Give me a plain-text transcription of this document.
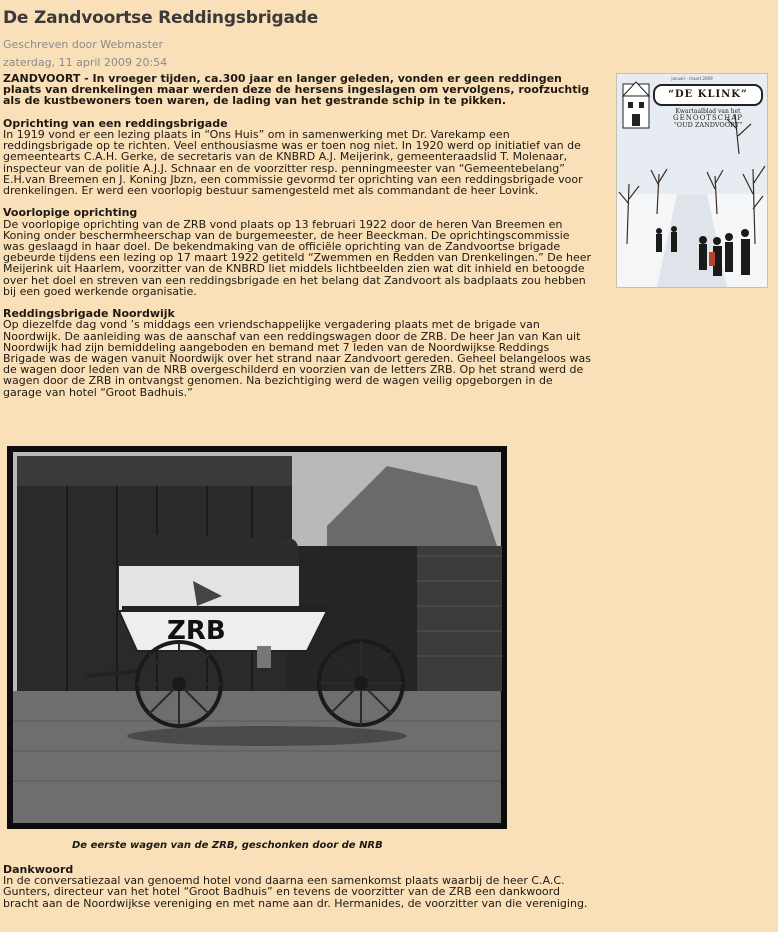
De Zandvoortse Reddingsbrigade
Geschreven door Webmaster
zaterdag, 11 april 2009 20:54

ZANDVOORT - In vroeger tijden, ca.300 jaar en langer geleden, vonden er geen reddingen plaats van drenkelingen maar werden deze de hersens ingeslagen om vervolgens, roofzuchtig als de kustbewoners toen waren, de lading van het gestrande schip in te pikken.

Oprichting van een reddingsbrigade

In 1919 vond er een lezing plaats in “Ons Huis” om in samenwerking met Dr. Varekamp een reddingsbrigade op te richten. Veel enthousiasme was er toen nog niet. In 1920 werd op initiatief van de gemeentearts C.A.H. Gerke, de secretaris van de KNBRD A.J. Meijerink, gemeenteraadslid T. Molenaar, inspecteur van de politie A.J.J. Schnaar en de voorzitter resp. penningmeester van “Gemeentebelang” E.H.van Breemen en J. Koning Jbzn, een commissie gevormd ter oprichting van een reddingsbrigade voor drenkelingen. Er werd een voorlopig bestuur samengesteld met als commandant de heer Lovink.

Voorlopige oprichting

De voorlopige oprichting van de ZRB vond plaats op 13 februari 1922 door de heren Van Breemen en Koning onder beschermheerschap van de burgemeester, de heer Beeckman. De oprichtingscommissie was geslaagd in haar doel. De bekendmaking van de officiële oprichting van de Zandvoortse brigade gebeurde tijdens een lezing op 17 maart 1922 getiteld “Zwemmen en Redden van Drenkelingen.” De heer Meijerink uit Haarlem, voorzitter van de KNBRD liet middels lichtbeelden zien wat dit inhield en betoogde over het doel en streven van een reddingsbrigade en het belang dat Zandvoort als badplaats zou hebben bij een goed werkende organisatie.

Reddingsbrigade Noordwijk

Op diezelfde dag vond ’s middags een vriendschappelijke vergadering plaats met de brigade van Noordwijk. De aanleiding was de aanschaf van een reddingswagen door de ZRB. De heer Jan van Kan uit Noordwijk had zijn bemiddeling aangeboden en bemand met 7 leden van de Noordwijkse Reddings Brigade was de wagen vanuit Noordwijk over het strand naar Zandvoort gereden. Geheel belangeloos was de wagen door leden van de NRB overgeschilderd en voorzien van de letters ZRB. Op het strand werd de wagen door de ZRB in ontvangst genomen. Na bezichtiging werd de wagen veilig opgeborgen in de garage van hotel “Groot Badhuis.”

januari - maart 2009
“DE KLINK”
Kwartaalblad van het
GENOOTSCHAP
“OUD ZANDVOORT”
ZRB
De eerste wagen van de ZRB, geschonken door de NRB
Dankwoord

In de conversatiezaal van genoemd hotel vond daarna een samenkomst plaats waarbij de heer C.A.C. Gunters, directeur van het hotel “Groot Badhuis” en tevens de voorzitter van de ZRB een dankwoord bracht aan de Noordwijkse vereniging en met name aan dr. Hermanides, de voorzitter van die vereniging.
